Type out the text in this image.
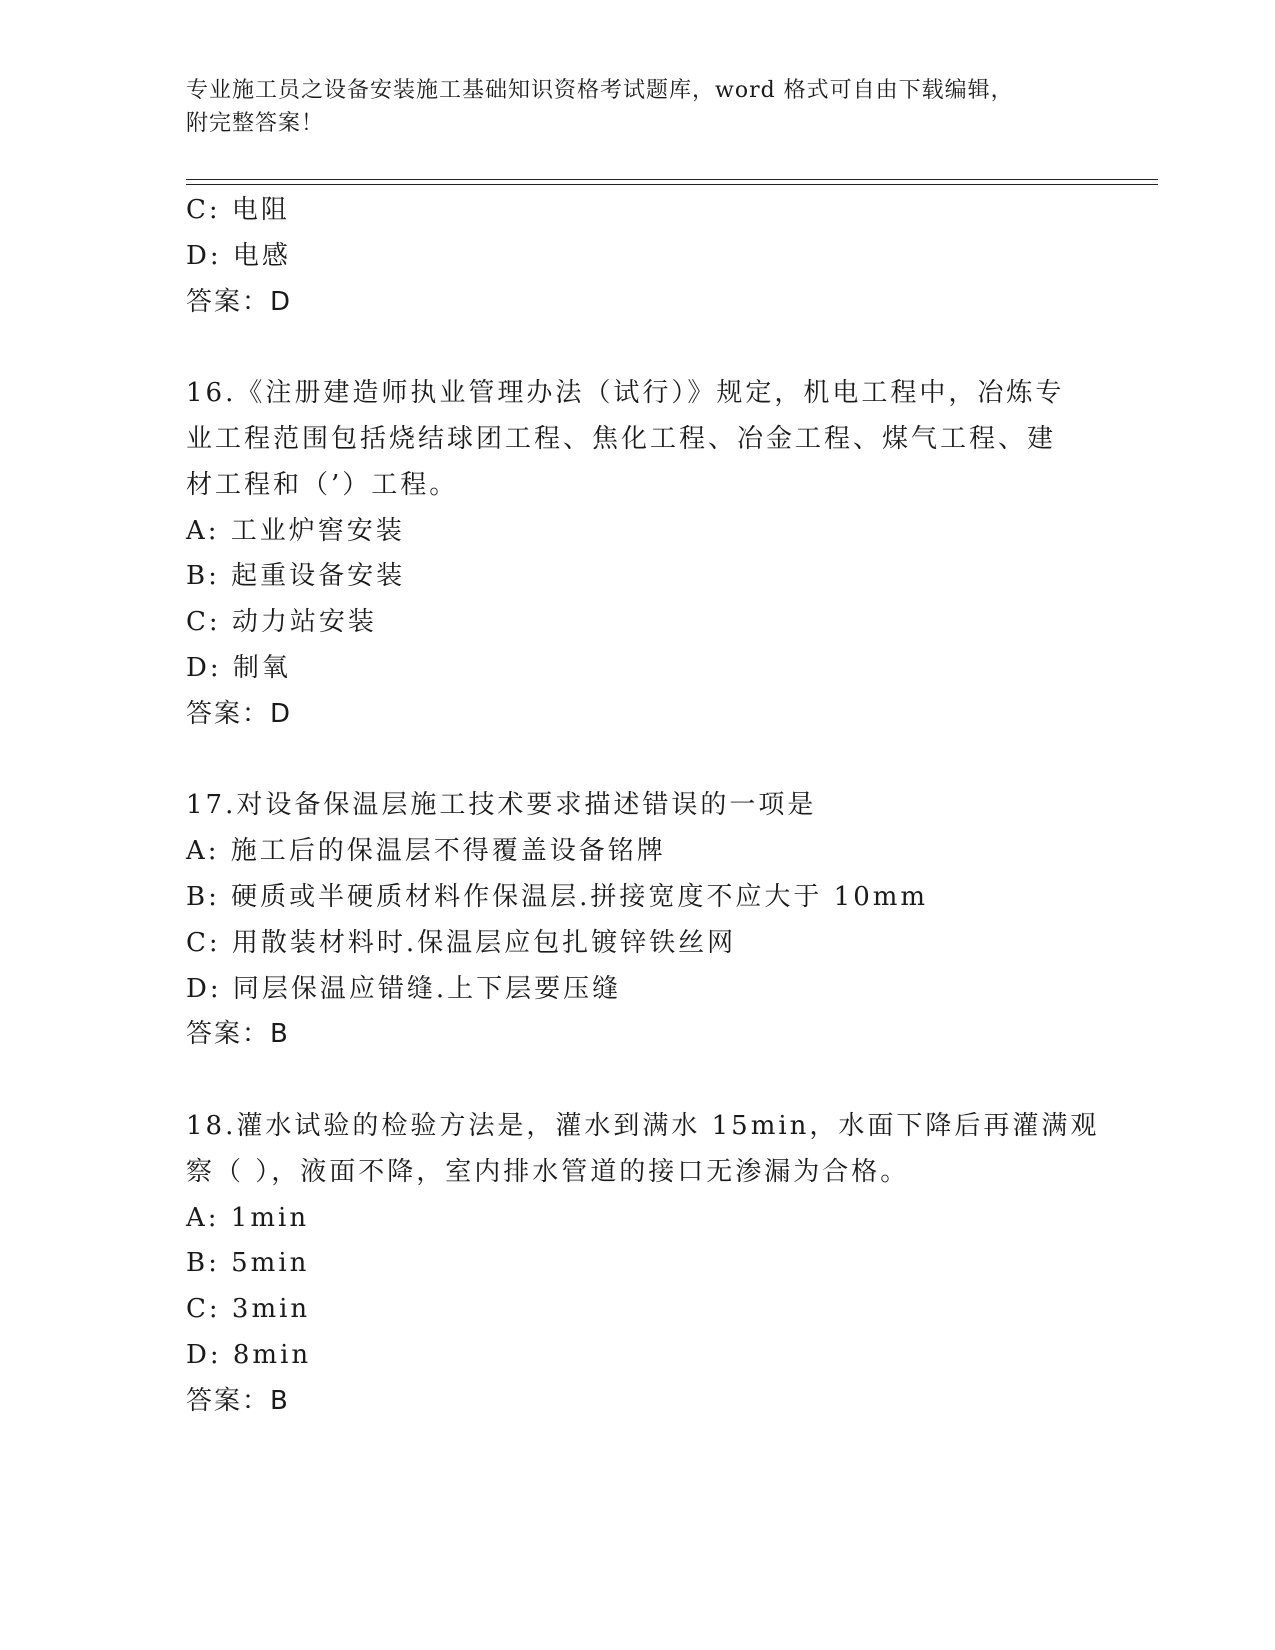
专业施工员之设备安装施工基础知识资格考试题库，word 格式可自由下载编辑，
附完整答案！
C: 电阻
D: 电感
答案：D
16.《注册建造师执业管理办法（试行）》规定，机电工程中，冶炼专
业工程范围包括烧结球团工程、焦化工程、冶金工程、煤气工程、建
材工程和（’）工程。
A: 工业炉窖安装
B: 起重设备安装
C: 动力站安装
D: 制氧
答案：D
17.对设备保温层施工技术要求描述错误的一项是
A: 施工后的保温层不得覆盖设备铭牌
B: 硬质或半硬质材料作保温层.拼接宽度不应大于 10mm
C: 用散装材料时.保温层应包扎镀锌铁丝网
D: 同层保温应错缝.上下层要压缝
答案：B
18.灌水试验的检验方法是，灌水到满水 15min，水面下降后再灌满观
察（ ），液面不降，室内排水管道的接口无渗漏为合格。
A: 1min
B: 5min
C: 3min
D: 8min
答案：B
